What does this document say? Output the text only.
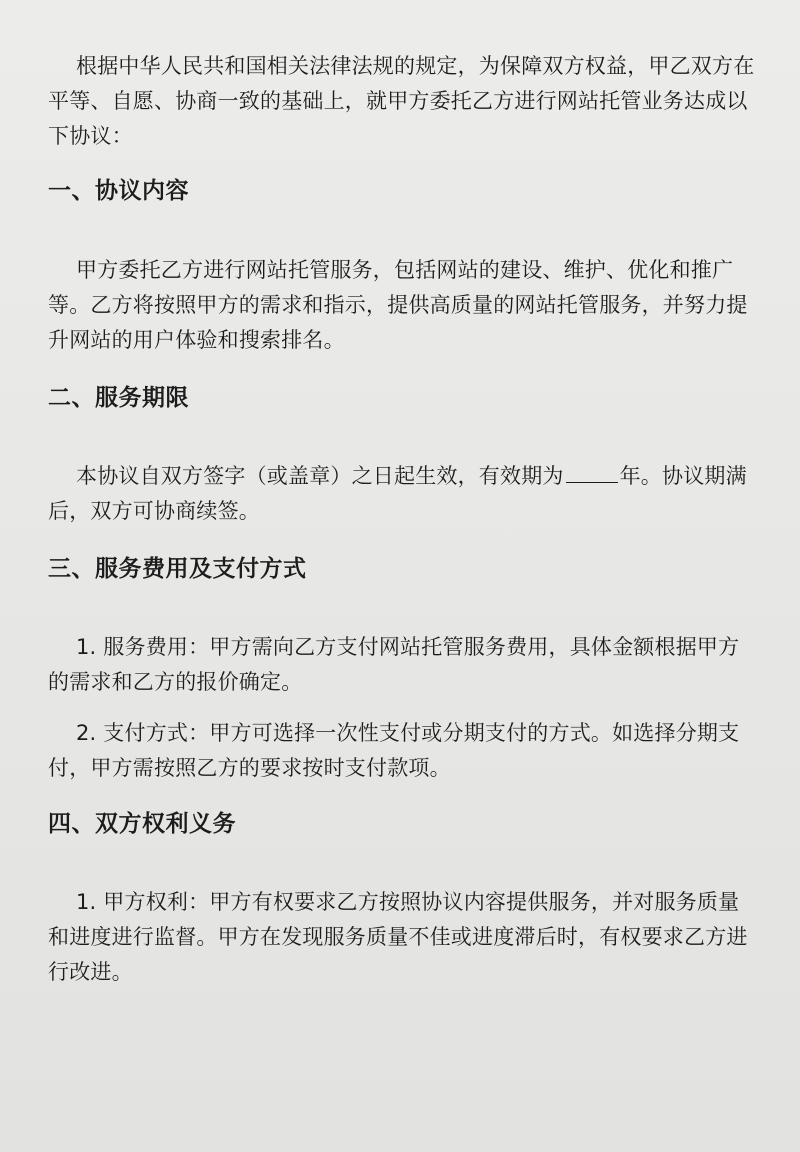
根据中华人民共和国相关法律法规的规定，为保障双方权益，甲乙双方在平等、自愿、协商一致的基础上，就甲方委托乙方进行网站托管业务达成以下协议：

一、协议内容

甲方委托乙方进行网站托管服务，包括网站的建设、维护、优化和推广等。乙方将按照甲方的需求和指示，提供高质量的网站托管服务，并努力提升网站的用户体验和搜索排名。

二、服务期限

本协议自双方签字（或盖章）之日起生效，有效期为	年。协议期满后，双方可协商续签。

三、服务费用及支付方式

1. 服务费用：甲方需向乙方支付网站托管服务费用，具体金额根据甲方的需求和乙方的报价确定。

2. 支付方式：甲方可选择一次性支付或分期支付的方式。如选择分期支付，甲方需按照乙方的要求按时支付款项。

四、双方权利义务

1. 甲方权利：甲方有权要求乙方按照协议内容提供服务，并对服务质量和进度进行监督。甲方在发现服务质量不佳或进度滞后时，有权要求乙方进行改进。
